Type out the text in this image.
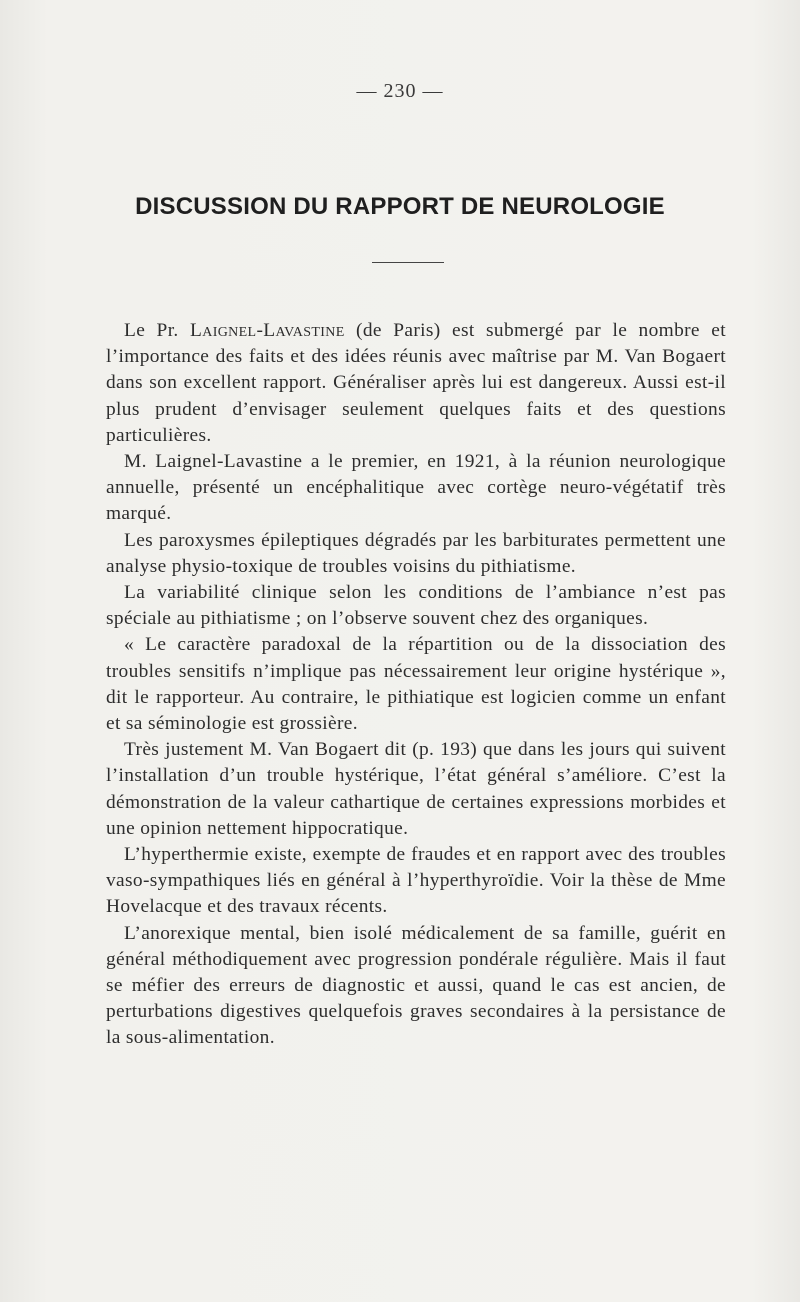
— 230 —
DISCUSSION DU RAPPORT DE NEUROLOGIE

Le Pr. Laignel-Lavastine (de Paris) est submergé par le nombre et l’importance des faits et des idées réunis avec maîtrise par M. Van Bogaert dans son excellent rapport. Généraliser après lui est dangereux. Aussi est-il plus prudent d’envisager seulement quelques faits et des questions particulières.

M. Laignel-Lavastine a le premier, en 1921, à la réunion neurologique annuelle, présenté un encéphalitique avec cortège neuro-végétatif très marqué.

Les paroxysmes épileptiques dégradés par les barbiturates permettent une analyse physio-toxique de troubles voisins du pithiatisme.

La variabilité clinique selon les conditions de l’ambiance n’est pas spéciale au pithiatisme ; on l’observe souvent chez des organiques.

« Le caractère paradoxal de la répartition ou de la dissociation des troubles sensitifs n’implique pas nécessairement leur origine hystérique », dit le rapporteur. Au contraire, le pithiatique est logicien comme un enfant et sa séminologie est grossière.

Très justement M. Van Bogaert dit (p. 193) que dans les jours qui suivent l’installation d’un trouble hystérique, l’état général s’améliore. C’est la démonstration de la valeur cathartique de certaines expressions morbides et une opinion nettement hippocratique.

L’hyperthermie existe, exempte de fraudes et en rapport avec des troubles vaso-sympathiques liés en général à l’hyperthyroïdie. Voir la thèse de Mme Hovelacque et des travaux récents.

L’anorexique mental, bien isolé médicalement de sa famille, guérit en général méthodiquement avec progression pondérale régulière. Mais il faut se méfier des erreurs de diagnostic et aussi, quand le cas est ancien, de perturbations digestives quelquefois graves secondaires à la persistance de la sous-alimentation.
